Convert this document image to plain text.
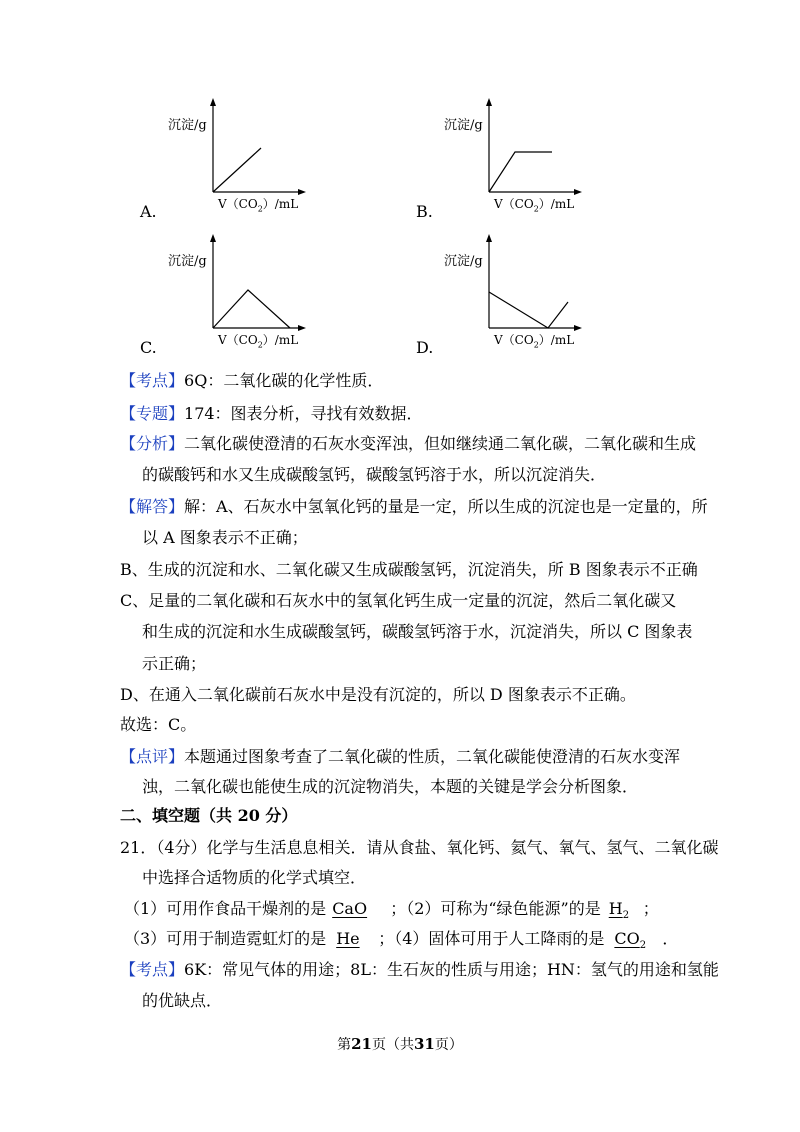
A.
沉淀/g
$V(CO_2)/mL$	B.
沉淀/g
$V(CO_2)/mL$
C.
沉淀/g
$V(CO_2)/mL$	D.
沉淀/g
$V(CO_2)/mL$
【考点】6Q：二氧化碳的化学性质．
【专题】174：图表分析，寻找有效数据．
【分析】二氧化碳使澄清的石灰水变浑浊，但如继续通二氧化碳，二氧化碳和生成
的碳酸钙和水又生成碳酸氢钙，碳酸氢钙溶于水，所以沉淀消失．
【解答】解：A、石灰水中氢氧化钙的量是一定，所以生成的沉淀也是一定量的，所
以 A 图象表示不正确；
B、生成的沉淀和水、二氧化碳又生成碳酸氢钙，沉淀消失，所 B 图象表示不正确
C、足量的二氧化碳和石灰水中的氢氧化钙生成一定量的沉淀，然后二氧化碳又
和生成的沉淀和水生成碳酸氢钙，碳酸氢钙溶于水，沉淀消失，所以 C 图象表
示正确；
D、在通入二氧化碳前石灰水中是没有沉淀的，所以 D 图象表示不正确。
故选：C。
【点评】本题通过图象考查了二氧化碳的性质，二氧化碳能使澄清的石灰水变浑
浊，二氧化碳也能使生成的沉淀物消失，本题的关键是学会分析图象．
二、填空题（共 20 分）
21．（4分）化学与生活息息相关．请从食盐、氧化钙、氦气、氧气、氢气、二氧化碳
中选择合适物质的化学式填空．
（1）可用作食品干燥剂的是 CaO ；（2）可称为“绿色能源”的是 $H_2$ ；
（3）可用于制造霓虹灯的是 He ；（4）固体可用于人工降雨的是 $CO_2$ ．
【考点】6K：常见气体的用途；8L：生石灰的性质与用途；HN：氢气的用途和氢能
的优缺点．
第21页（共31页）
